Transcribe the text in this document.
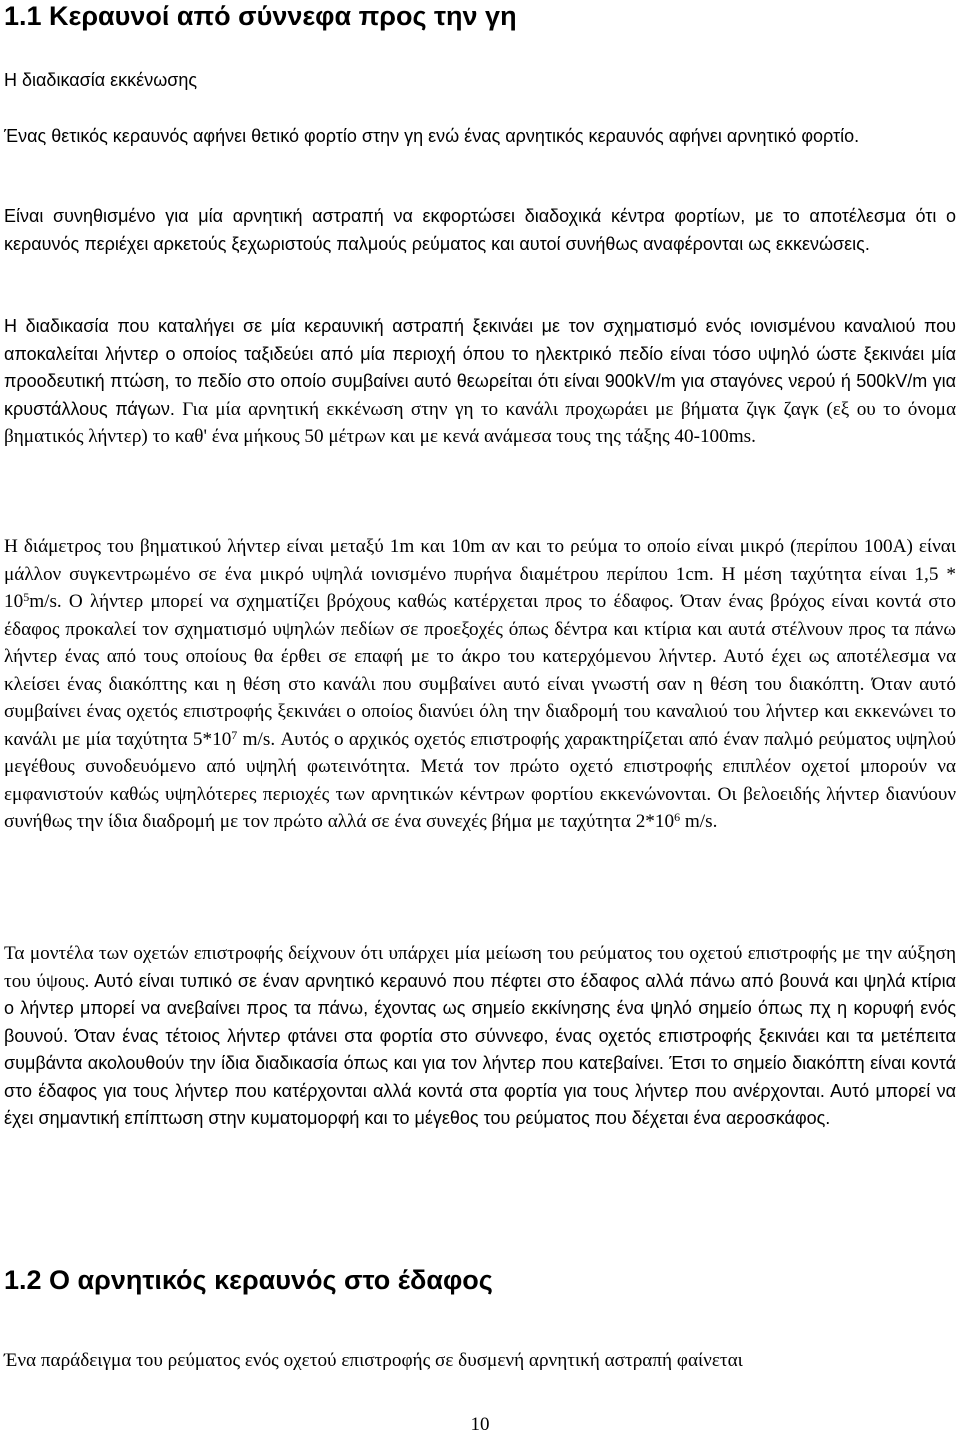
1.1 Κεραυνοί από σύννεφα προς την γη

Η διαδικασία εκκένωσης

Ένας θετικός κεραυνός αφήνει θετικό φορτίο στην γη ενώ ένας αρνητικός κεραυνός αφήνει αρνητικό φορτίο.

Είναι συνηθισμένο για μία αρνητική αστραπή να εκφορτώσει διαδοχικά κέντρα φορτίων, με το αποτέλεσμα ότι ο κεραυνός περιέχει αρκετούς ξεχωριστούς παλμούς ρεύματος και αυτοί συνήθως αναφέρονται ως εκκενώσεις.

Η διαδικασία που καταλήγει σε μία κεραυνική αστραπή ξεκινάει με τον σχηματισμό ενός ιονισμένου καναλιού που αποκαλείται λήντερ ο οποίος ταξιδεύει από μία περιοχή όπου το ηλεκτρικό πεδίο είναι τόσο υψηλό ώστε ξεκινάει μία προοδευτική πτώση, το πεδίο στο οποίο συμβαίνει αυτό θεωρείται ότι είναι 900kV/m για σταγόνες νερού ή 500kV/m για κρυστάλλους πάγων. Για μία αρνητική εκκένωση στην γη το κανάλι προχωράει με βήματα ζιγκ ζαγκ (εξ ου το όνομα βηματικός λήντερ) το καθ' ένα μήκους 50 μέτρων και με κενά ανάμεσα τους της τάξης 40-100ms.

Η διάμετρος του βηματικού λήντερ είναι μεταξύ 1m και 10m αν και το ρεύμα το οποίο είναι μικρό (περίπου 100Α) είναι μάλλον συγκεντρωμένο σε ένα μικρό υψηλά ιονισμένο πυρήνα διαμέτρου περίπου 1cm. Η μέση ταχύτητα είναι $1,5 * 10^5m/s$. Ο λήντερ μπορεί να σχηματίζει βρόχους καθώς κατέρχεται προς το έδαφος. Όταν ένας βρόχος είναι κοντά στο έδαφος προκαλεί τον σχηματισμό υψηλών πεδίων σε προεξοχές όπως δέντρα και κτίρια και αυτά στέλνουν προς τα πάνω λήντερ ένας από τους οποίους θα έρθει σε επαφή με το άκρο του κατερχόμενου λήντερ. Αυτό έχει ως αποτέλεσμα να κλείσει ένας διακόπτης και η θέση στο κανάλι που συμβαίνει αυτό είναι γνωστή σαν η θέση του διακόπτη. Όταν αυτό συμβαίνει ένας οχετός επιστροφής ξεκινάει ο οποίος διανύει όλη την διαδρομή του καναλιού του λήντερ και εκκενώνει το κανάλι με μία ταχύτητα $5*10^7$ m/s. Αυτός ο αρχικός οχετός επιστροφής χαρακτηρίζεται από έναν παλμό ρεύματος υψηλού μεγέθους συνοδευόμενο από υψηλή φωτεινότητα. Μετά τον πρώτο οχετό επιστροφής επιπλέον οχετοί μπορούν να εμφανιστούν καθώς υψηλότερες περιοχές των αρνητικών κέντρων φορτίου εκκενώνονται. Οι βελοειδής λήντερ διανύουν συνήθως την ίδια διαδρομή με τον πρώτο αλλά σε ένα συνεχές βήμα με ταχύτητα $2*10^6$ m/s.

Τα μοντέλα των οχετών επιστροφής δείχνουν ότι υπάρχει μία μείωση του ρεύματος του οχετού επιστροφής με την αύξηση του ύψους. Αυτό είναι τυπικό σε έναν αρνητικό κεραυνό που πέφτει στο έδαφος αλλά πάνω από βουνά και ψηλά κτίρια ο λήντερ μπορεί να ανεβαίνει προς τα πάνω, έχοντας ως σημείο εκκίνησης ένα ψηλό σημείο όπως πχ η κορυφή ενός βουνού. Όταν ένας τέτοιος λήντερ φτάνει στα φορτία στο σύννεφο, ένας οχετός επιστροφής ξεκινάει και τα μετέπειτα συμβάντα ακολουθούν την ίδια διαδικασία όπως και για τον λήντερ που κατεβαίνει. Έτσι το σημείο διακόπτη είναι κοντά στο έδαφος για τους λήντερ που κατέρχονται αλλά κοντά στα φορτία για τους λήντερ που ανέρχονται. Αυτό μπορεί να έχει σημαντική επίπτωση στην κυματομορφή και το μέγεθος του ρεύματος που δέχεται ένα αεροσκάφος.

1.2 Ο αρνητικός κεραυνός στο έδαφος

Ένα παράδειγμα του ρεύματος ενός οχετού επιστροφής σε δυσμενή αρνητική αστραπή φαίνεται

10
